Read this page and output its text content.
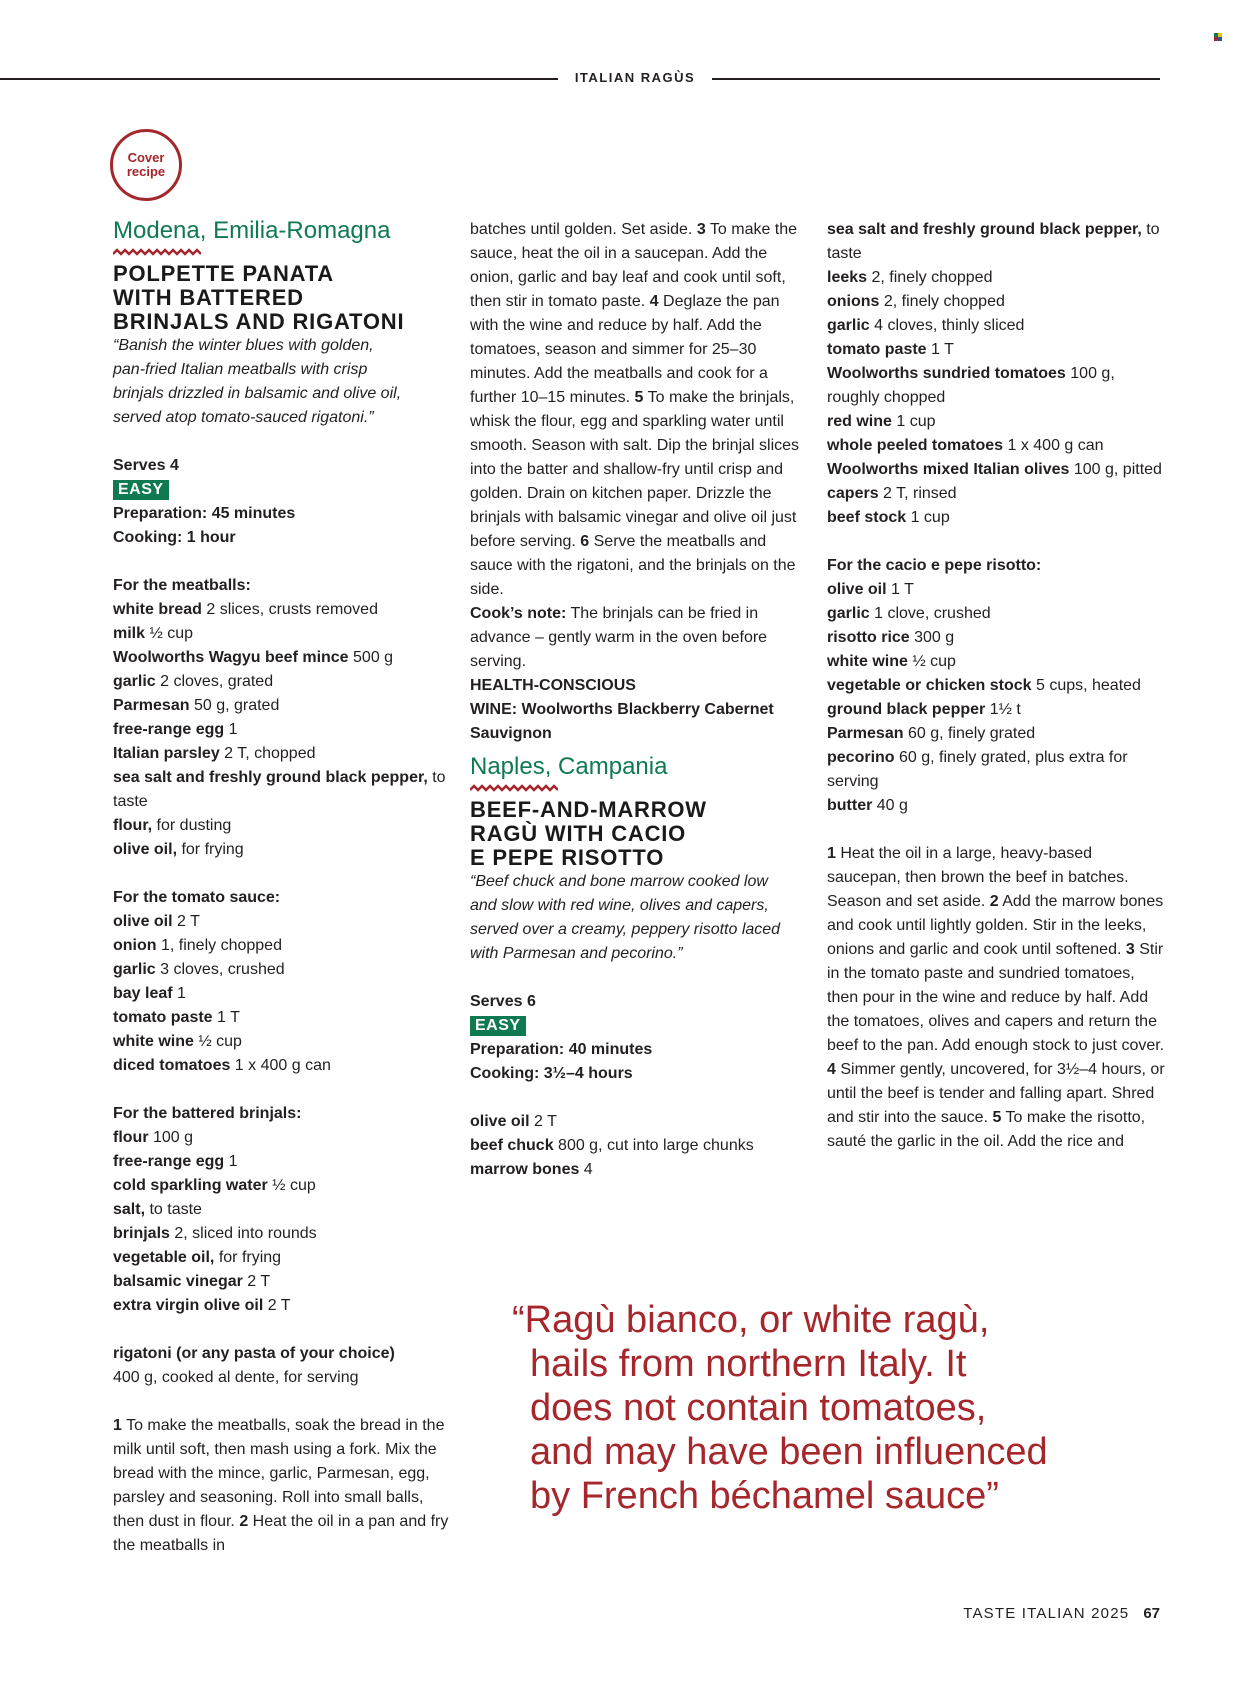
ITALIAN RAGÙS
Cover
recipe
Modena, Emilia-Romagna
POLPETTE PANATA
WITH BATTERED
BRINJALS AND RIGATONI
“Banish the winter blues with golden,
pan-fried Italian meatballs with crisp
brinjals drizzled in balsamic and olive oil,
served atop tomato-sauced rigatoni.”
Serves 4
EASY
Preparation: 45 minutes
Cooking: 1 hour
For the meatballs:
white bread 2 slices, crusts removed
milk ½ cup
Woolworths Wagyu beef mince 500 g
garlic 2 cloves, grated
Parmesan 50 g, grated
free-range egg 1
Italian parsley 2 T, chopped
sea salt and freshly ground black pepper, to taste
flour, for dusting
olive oil, for frying
For the tomato sauce:
olive oil 2 T
onion 1, finely chopped
garlic 3 cloves, crushed
bay leaf 1
tomato paste 1 T
white wine ½ cup
diced tomatoes 1 x 400 g can
For the battered brinjals:
flour 100 g
free-range egg 1
cold sparkling water ½ cup
salt, to taste
brinjals 2, sliced into rounds
vegetable oil, for frying
balsamic vinegar 2 T
extra virgin olive oil 2 T
rigatoni (or any pasta of your choice)
400 g, cooked al dente, for serving

1 To make the meatballs, soak the bread in the milk until soft, then mash using a fork. Mix the bread with the mince, garlic, Parmesan, egg, parsley and seasoning. Roll into small balls, then dust in flour. 2 Heat the oil in a pan and fry the meatballs in

batches until golden. Set aside. 3 To make the sauce, heat the oil in a saucepan. Add the onion, garlic and bay leaf and cook until soft, then stir in tomato paste. 4 Deglaze the pan with the wine and reduce by half. Add the tomatoes, season and simmer for 25–30 minutes. Add the meatballs and cook for a further 10–15 minutes. 5 To make the brinjals, whisk the flour, egg and sparkling water until smooth. Season with salt. Dip the brinjal slices into the batter and shallow-fry until crisp and golden. Drain on kitchen paper. Drizzle the brinjals with balsamic vinegar and olive oil just before serving. 6 Serve the meatballs and sauce with the rigatoni, and the brinjals on the side.

Cook’s note: The brinjals can be fried in advance – gently warm in the oven before serving.

HEALTH-CONSCIOUS
WINE: Woolworths Blackberry Cabernet Sauvignon
Naples, Campania
BEEF-AND-MARROW
RAGÙ WITH CACIO
E PEPE RISOTTO
“Beef chuck and bone marrow cooked low
and slow with red wine, olives and capers,
served over a creamy, peppery risotto laced
with Parmesan and pecorino.”
Serves 6
EASY
Preparation: 40 minutes
Cooking: 3½–4 hours
olive oil 2 T
beef chuck 800 g, cut into large chunks
marrow bones 4
sea salt and freshly ground black pepper, to taste
leeks 2, finely chopped
onions 2, finely chopped
garlic 4 cloves, thinly sliced
tomato paste 1 T
Woolworths sundried tomatoes 100 g, roughly chopped
red wine 1 cup
whole peeled tomatoes 1 x 400 g can
Woolworths mixed Italian olives 100 g, pitted
capers 2 T, rinsed
beef stock 1 cup
For the cacio e pepe risotto:
olive oil 1 T
garlic 1 clove, crushed
risotto rice 300 g
white wine ½ cup
vegetable or chicken stock 5 cups, heated
ground black pepper 1½ t
Parmesan 60 g, finely grated
pecorino 60 g, finely grated, plus extra for serving
butter 40 g

1 Heat the oil in a large, heavy-based saucepan, then brown the beef in batches. Season and set aside. 2 Add the marrow bones and cook until lightly golden. Stir in the leeks, onions and garlic and cook until softened. 3 Stir in the tomato paste and sundried tomatoes, then pour in the wine and reduce by half. Add the tomatoes, olives and capers and return the beef to the pan. Add enough stock to just cover. 4 Simmer gently, uncovered, for 3½–4 hours, or until the beef is tender and falling apart. Shred and stir into the sauce. 5 To make the risotto, sauté the garlic in the oil. Add the rice and

“Ragù bianco, or white ragù,
hails from northern Italy. It
does not contain tomatoes,
and may have been influenced
by French béchamel sauce”
TASTE ITALIAN 2025 67
